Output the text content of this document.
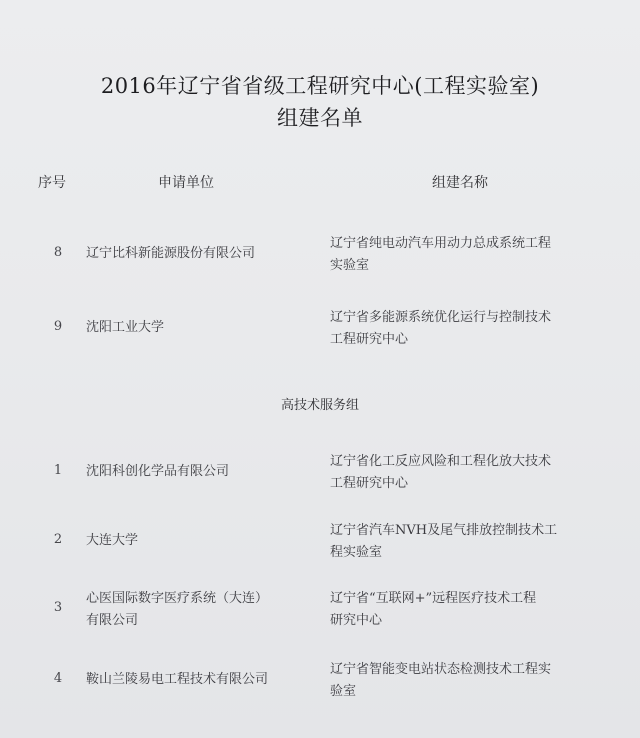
2016年辽宁省省级工程研究中心(工程实验室)
组建名单
序号	申请单位	组建名称
8 辽宁比科新能源股份有限公司
辽宁省纯电动汽车用动力总成系统工程
实验室
9 沈阳工业大学
辽宁省多能源系统优化运行与控制技术
工程研究中心
高技术服务组
1 沈阳科创化学品有限公司
辽宁省化工反应风险和工程化放大技术
工程研究中心
2 大连大学
辽宁省汽车NVH及尾气排放控制技术工
程实验室
3
心医国际数字医疗系统（大连）
有限公司
辽宁省“互联网+”远程医疗技术工程
研究中心
4 鞍山兰陵易电工程技术有限公司
辽宁省智能变电站状态检测技术工程实
验室
